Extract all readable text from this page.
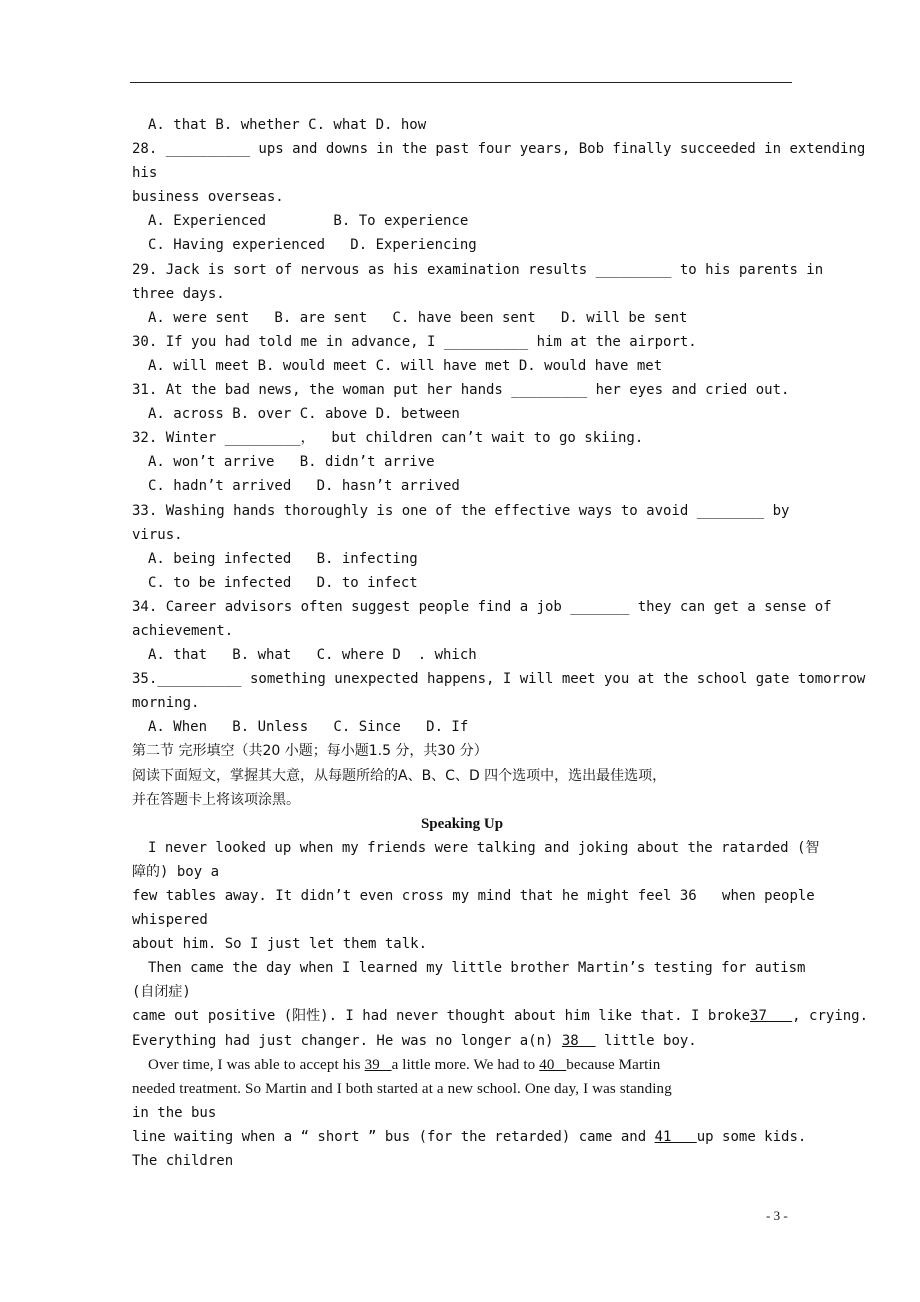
A. that B. whether C. what D. how
28. __________ ups and downs in the past four years, Bob finally succeeded in extending
his
business overseas.
A. Experienced        B. To experience
C. Having experienced   D. Experiencing
29. Jack is sort of nervous as his examination results _________ to his parents in
three days.
A. were sent   B. are sent   C. have been sent   D. will be sent
30. If you had told me in advance, I __________ him at the airport.
A. will meet B. would meet C. will have met D. would have met
31. At the bad news, the woman put her hands _________ her eyes and cried out.
A. across B. over C. above D. between
32. Winter _________，  but children can’t wait to go skiing.
A. won’t arrive   B. didn’t arrive
C. hadn’t arrived   D. hasn’t arrived
33. Washing hands thoroughly is one of the effective ways to avoid ________ by
virus.
A. being infected   B. infecting
C. to be infected   D. to infect
34. Career advisors often suggest people find a job _______ they can get a sense of
achievement.
A. that   B. what   C. where D  . which
35.__________ something unexpected happens, I will meet you at the school gate tomorrow
morning.
A. When   B. Unless   C. Since   D. If
第二节 完形填空（共20 小题；每小题1.5 分，共30 分）
阅读下面短文，掌握其大意，从每题所给的A、B、C、D 四个选项中，选出最佳选项，
并在答题卡上将该项涂黑。
Speaking Up
I never looked up when my friends were talking and joking about the ratarded (智
障的) boy a
few tables away. It didn’t even cross my mind that he might feel 36   when people
whispered
about him. So I just let them talk.
Then came the day when I learned my little brother Martin’s testing for autism
(自闭症)
came out positive (阳性). I had never thought about him like that. I broke37   , crying.
Everything had just changer. He was no longer a(n) 38   little boy.
Over time, I was able to accept his 39   a little more. We had to 40   because Martin
needed treatment. So Martin and I both started at a new school. One day, I was standing
in the bus
line waiting when a “ short ” bus (for the retarded) came and 41   up some kids.
The children
- 3 -
